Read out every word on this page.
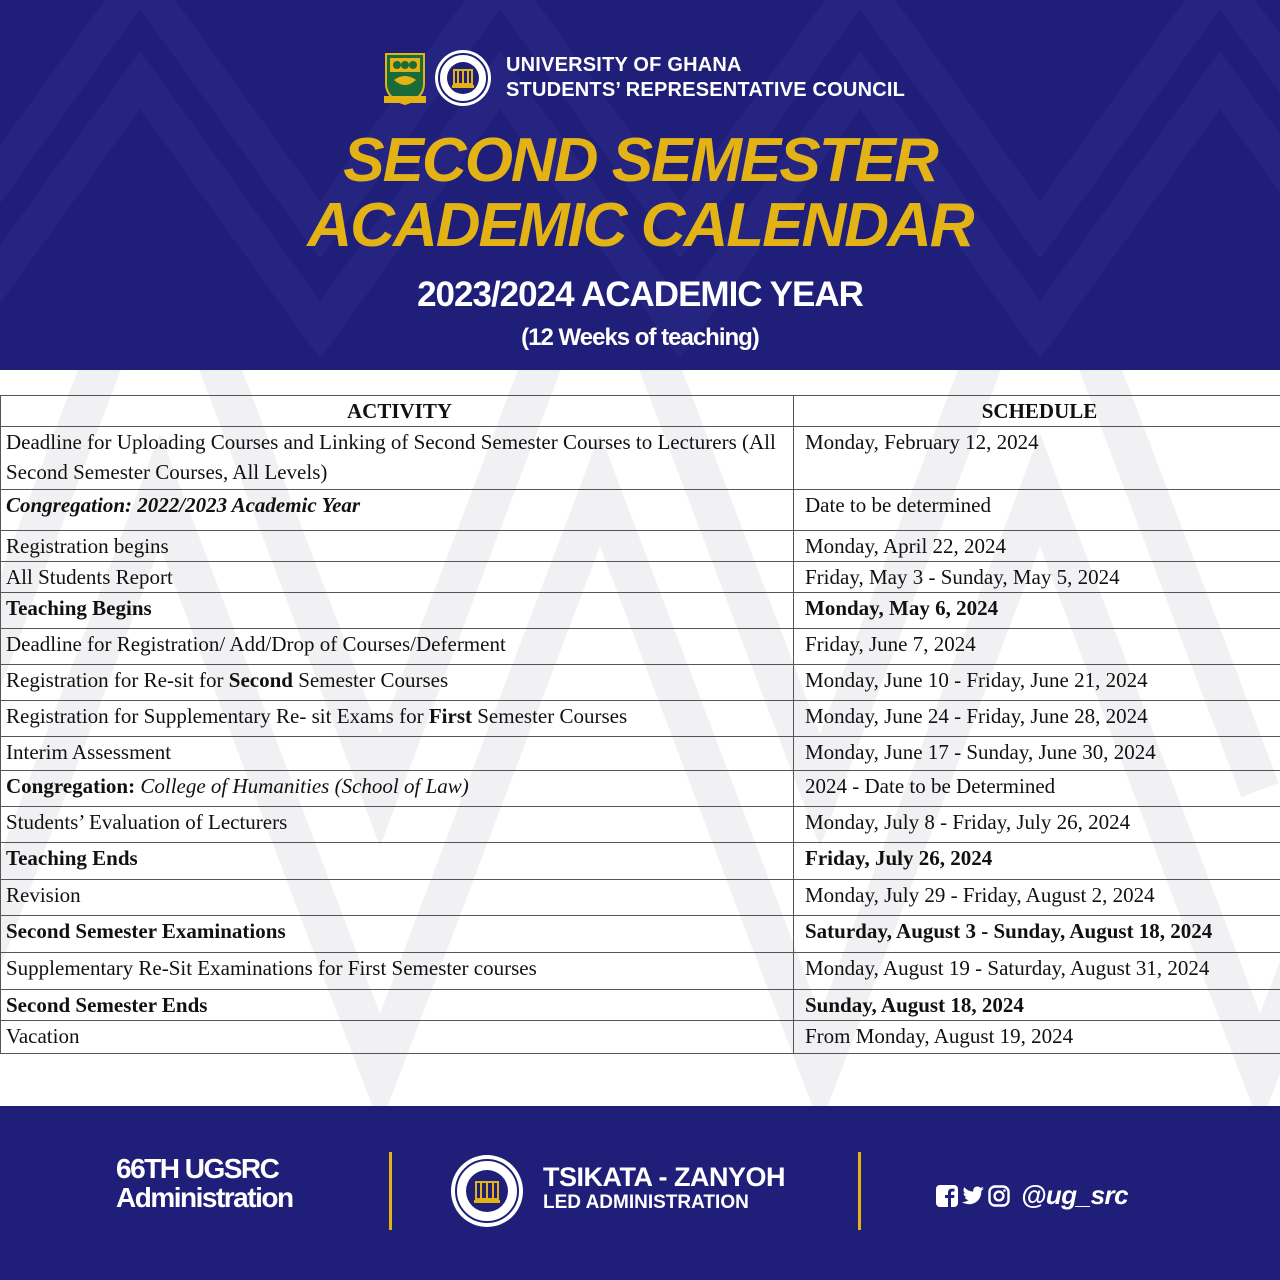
UNIVERSITY OF GHANA
STUDENTS’ REPRESENTATIVE COUNCIL
SECOND SEMESTER
ACADEMIC CALENDAR
2023/2024 ACADEMIC YEAR
(12 Weeks of teaching)
ACTIVITY	SCHEDULE
Deadline for Uploading Courses and Linking of Second Semester Courses to Lecturers (All Second Semester Courses, All Levels)	Monday, February 12, 2024
Congregation: 2022/2023 Academic Year	Date to be determined
Registration begins	Monday, April 22, 2024
All Students Report	Friday, May 3 - Sunday, May 5, 2024
Teaching Begins	Monday, May 6, 2024
Deadline for Registration/ Add/Drop of Courses/Deferment	Friday, June 7, 2024
Registration for Re-sit for Second Semester Courses	Monday, June 10 - Friday, June 21, 2024
Registration for Supplementary Re- sit Exams for First Semester Courses	Monday, June 24 - Friday, June 28, 2024
Interim Assessment	Monday, June 17 - Sunday, June 30, 2024
Congregation: College of Humanities (School of Law)	2024 - Date to be Determined
Students’ Evaluation of Lecturers	Monday, July 8 - Friday, July 26, 2024
Teaching Ends	Friday, July 26, 2024
Revision	Monday, July 29 - Friday, August 2, 2024
Second Semester Examinations	Saturday, August 3 - Sunday, August 18, 2024
Supplementary Re-Sit Examinations for First Semester courses	Monday, August 19 - Saturday, August 31, 2024
Second Semester Ends	Sunday, August 18, 2024
Vacation	From Monday, August 19, 2024
66TH UGSRC
Administration
TSIKATA - ZANYOH
LED ADMINISTRATION	@ug_src
